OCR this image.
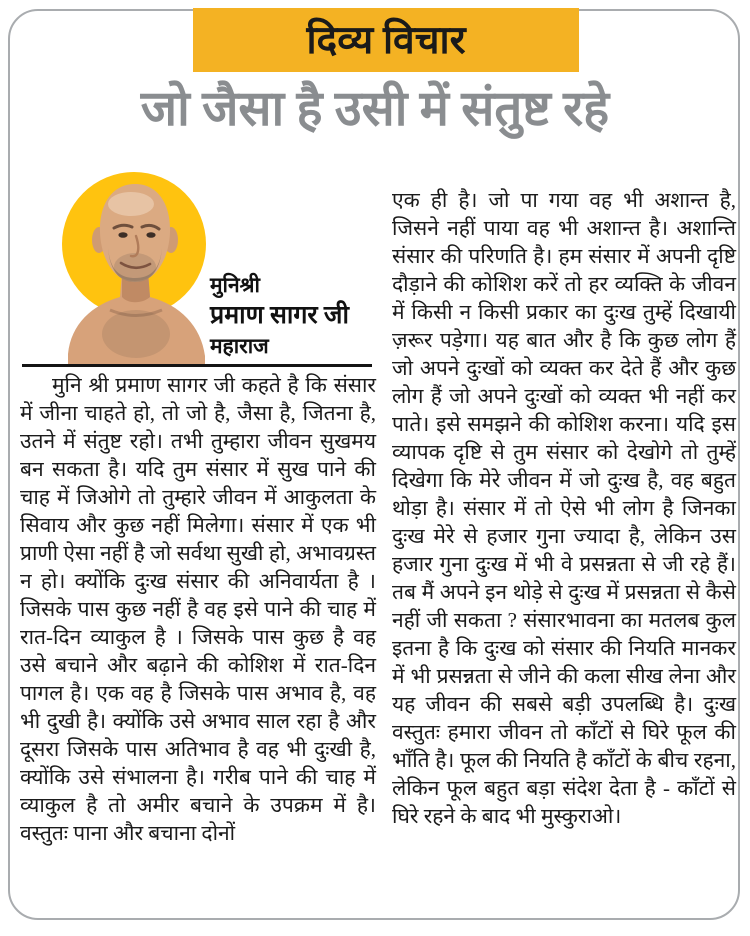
दिव्य विचार
जो जैसा है उसी में संतुष्ट रहे
मुनिश्री
प्रमाण सागर जी
महाराज

मुनि श्री प्रमाण सागर जी कहते है कि संसार में जीना चाहते हो, तो जो है, जैसा है, जितना है, उतने में संतुष्ट रहो। तभी तुम्हारा जीवन सुखमय बन सकता है। यदि तुम संसार में सुख पाने की चाह में जिओगे तो तुम्हारे जीवन में आकुलता के सिवाय और कुछ नहीं मिलेगा। संसार में एक भी प्राणी ऐसा नहीं है जो सर्वथा सुखी हो, अभावग्रस्त न हो। क्योंकि दुःख संसार की अनिवार्यता है । जिसके पास कुछ नहीं है वह इसे पाने की चाह में रात-दिन व्याकुल है । जिसके पास कुछ है वह उसे बचाने और बढ़ाने की कोशिश में रात-दिन पागल है। एक वह है जिसके पास अभाव है, वह भी दुखी है। क्योंकि उसे अभाव साल रहा है और दूसरा जिसके पास अतिभाव है वह भी दुःखी है, क्योंकि उसे संभालना है। गरीब पाने की चाह में व्याकुल है तो अमीर बचाने के उपक्रम में है। वस्तुतः पाना और बचाना दोनों

एक ही है। जो पा गया वह भी अशान्त है, जिसने नहीं पाया वह भी अशान्त है। अशान्ति संसार की परिणति है। हम संसार में अपनी दृष्टि दौड़ाने की कोशिश करें तो हर व्यक्ति के जीवन में किसी न किसी प्रकार का दुःख तुम्हें दिखायी ज़रूर पड़ेगा। यह बात और है कि कुछ लोग हैं जो अपने दुःखों को व्यक्त कर देते हैं और कुछ लोग हैं जो अपने दुःखों को व्यक्त भी नहीं कर पाते। इसे समझने की कोशिश करना। यदि इस व्यापक दृष्टि से तुम संसार को देखोगे तो तुम्हें दिखेगा कि मेरे जीवन में जो दुःख है, वह बहुत थोड़ा है। संसार में तो ऐसे भी लोग है जिनका दुःख मेरे से हजार गुना ज्यादा है, लेकिन उस हजार गुना दुःख में भी वे प्रसन्नता से जी रहे हैं। तब मैं अपने इन थोड़े से दुःख में प्रसन्नता से कैसे नहीं जी सकता ? संसारभावना का मतलब कुल इतना है कि दुःख को संसार की नियति मानकर में भी प्रसन्नता से जीने की कला सीख लेना और यह जीवन की सबसे बड़ी उपलब्धि है। दुःख वस्तुतः हमारा जीवन तो काँटों से घिरे फूल की भाँति है। फूल की नियति है काँटों के बीच रहना, लेकिन फूल बहुत बड़ा संदेश देता है - काँटों से घिरे रहने के बाद भी मुस्कुराओ।
